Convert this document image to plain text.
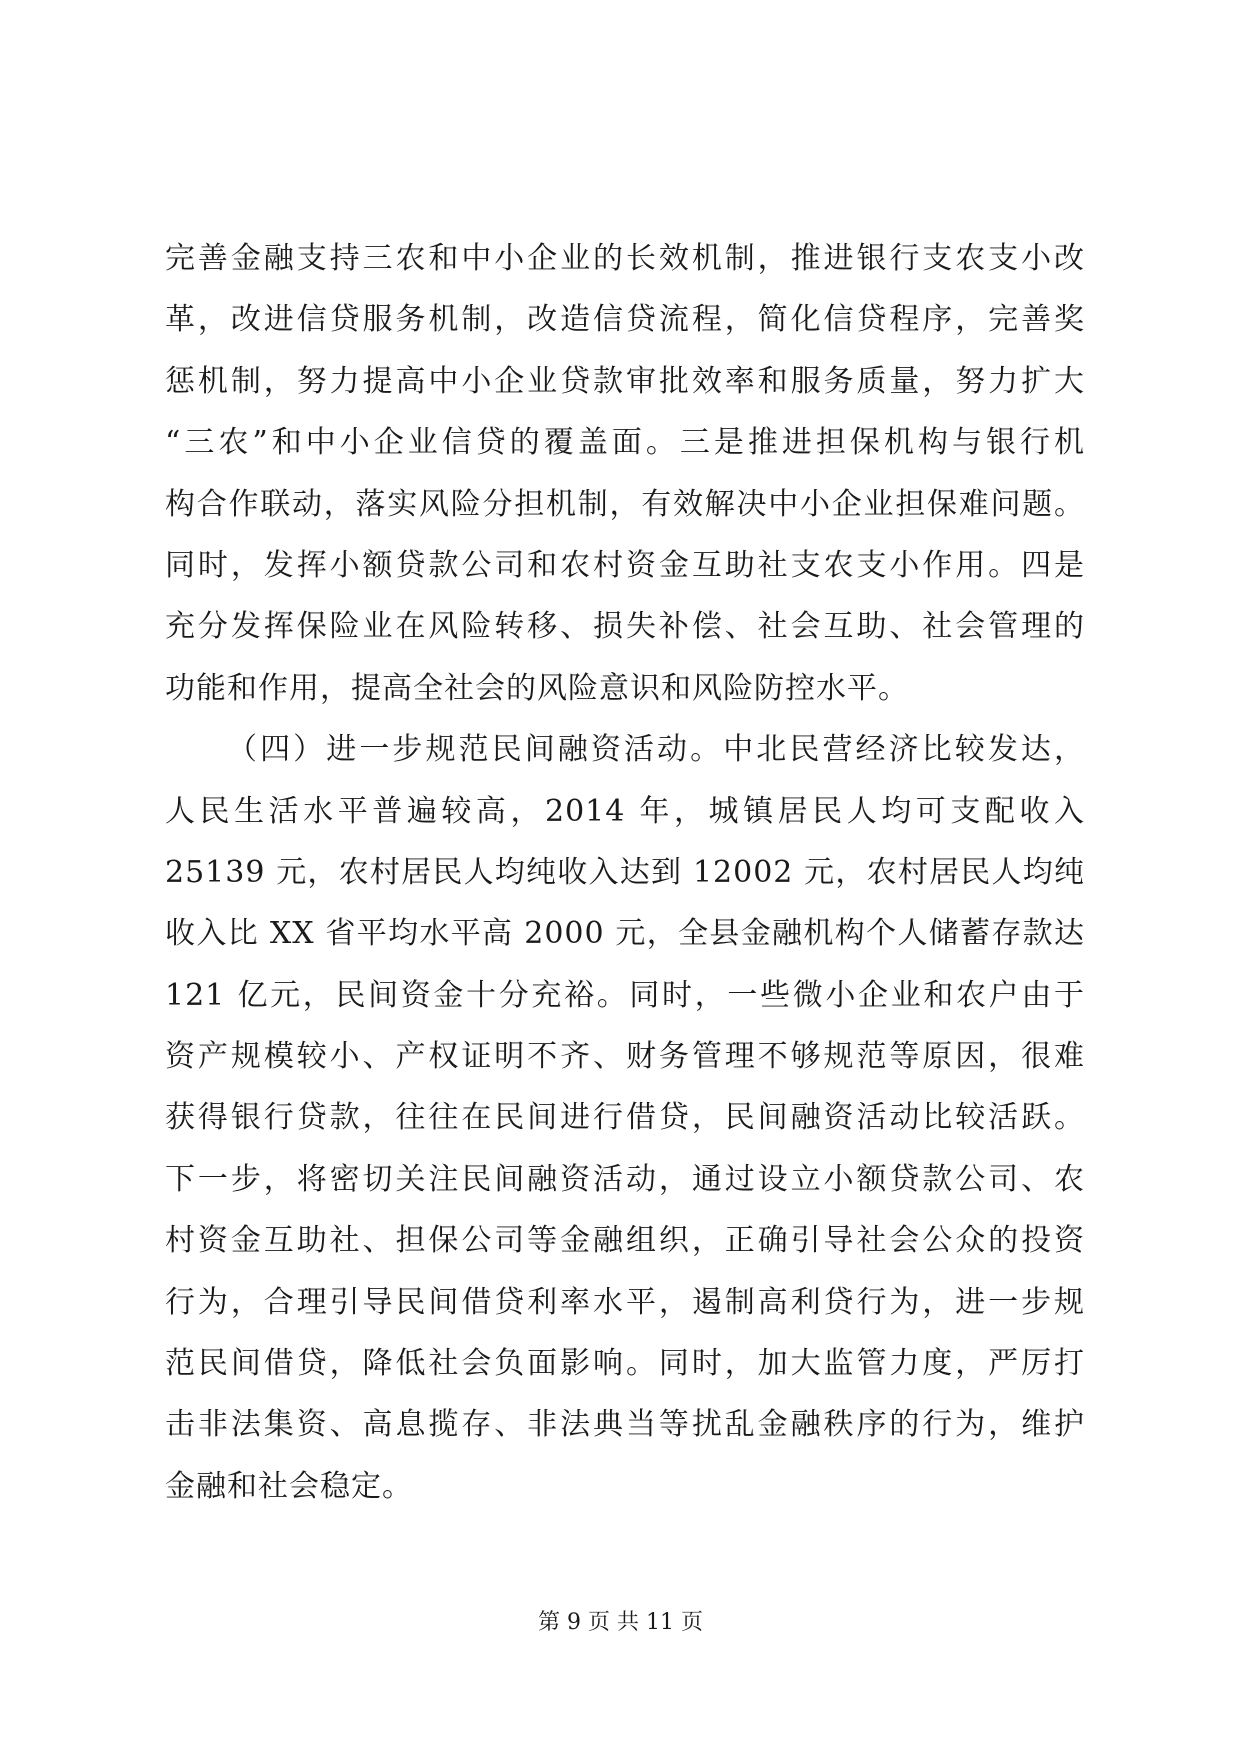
完善金融支持三农和中小企业的长效机制，推进银行支农支小改
革，改进信贷服务机制，改造信贷流程，简化信贷程序，完善奖
惩机制，努力提高中小企业贷款审批效率和服务质量，努力扩大
“三农”和中小企业信贷的覆盖面。三是推进担保机构与银行机
构合作联动，落实风险分担机制，有效解决中小企业担保难问题。
同时，发挥小额贷款公司和农村资金互助社支农支小作用。四是
充分发挥保险业在风险转移、损失补偿、社会互助、社会管理的
功能和作用，提高全社会的风险意识和风险防控水平。
（四）进一步规范民间融资活动。中北民营经济比较发达，
人民生活水平普遍较高，2014 年，城镇居民人均可支配收入
25139 元，农村居民人均纯收入达到 12002 元，农村居民人均纯
收入比 XX 省平均水平高 2000 元，全县金融机构个人储蓄存款达
121 亿元，民间资金十分充裕。同时，一些微小企业和农户由于
资产规模较小、产权证明不齐、财务管理不够规范等原因，很难
获得银行贷款，往往在民间进行借贷，民间融资活动比较活跃。
下一步，将密切关注民间融资活动，通过设立小额贷款公司、农
村资金互助社、担保公司等金融组织，正确引导社会公众的投资
行为，合理引导民间借贷利率水平，遏制高利贷行为，进一步规
范民间借贷，降低社会负面影响。同时，加大监管力度，严厉打
击非法集资、高息揽存、非法典当等扰乱金融秩序的行为，维护
金融和社会稳定。
第 9 页 共 11 页
